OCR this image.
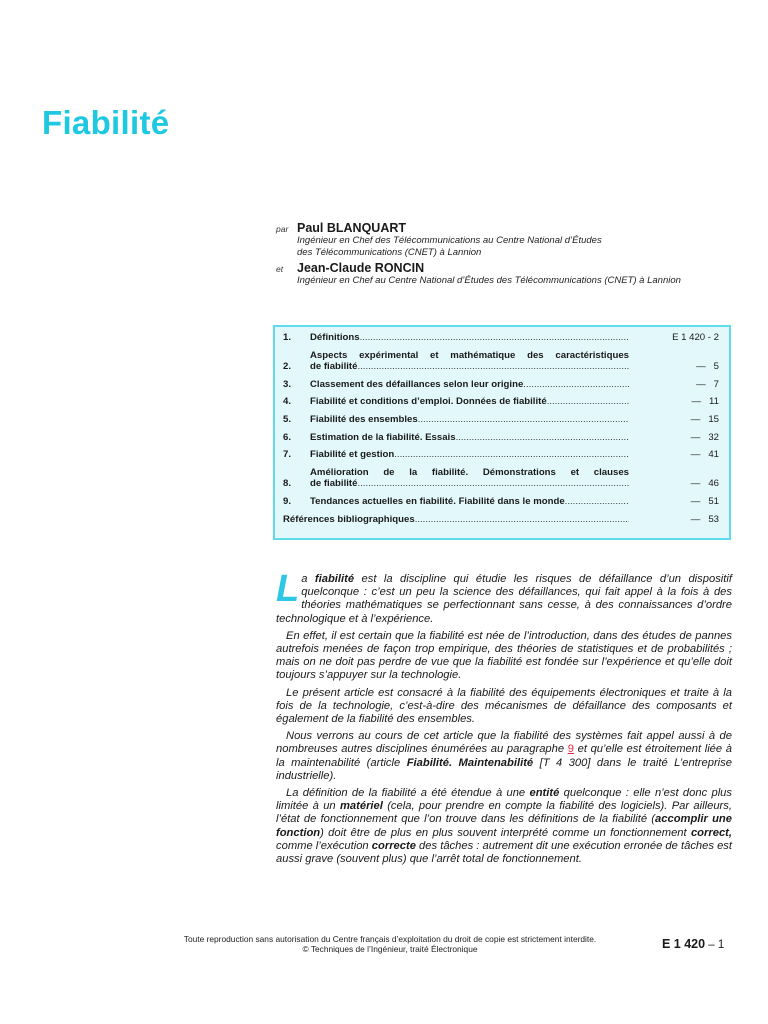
Fiabilité
par Paul BLANQUART
Ingénieur en Chef des Télécommunications au Centre National d’Études
des Télécommunications (CNET) à Lannion
et	Jean-Claude RONCIN
Ingénieur en Chef au Centre National d’Études des Télécommunications (CNET) à Lannion
1.	Définitions .....	E 1 420 - 2
2.
Aspects expérimental et mathématique des caractéristiques
de fiabilité .....	— 5
3.	Classement des défaillances selon leur origine .....	— 7
4.	Fiabilité et conditions d’emploi. Données de fiabilité .....	— 11
5.	Fiabilité des ensembles .....	— 15
6.	Estimation de la fiabilité. Essais .....	— 32
7.	Fiabilité et gestion .....	— 41
8.
Amélioration de la fiabilité. Démonstrations et clauses
de fiabilité .....	— 46
9.	Tendances actuelles en fiabilité. Fiabilité dans le monde .....	— 51
Références bibliographiques .....	— 53

La fiabilité est la discipline qui étudie les risques de défaillance d’un dispositif quelconque : c’est un peu la science des défaillances, qui fait appel à la fois à des théories mathématiques se perfectionnant sans cesse, à des connaissances d’ordre technologique et à l’expérience.

En effet, il est certain que la fiabilité est née de l’introduction, dans des études de pannes autrefois menées de façon trop empirique, des théories de statistiques et de probabilités ; mais on ne doit pas perdre de vue que la fiabilité est fondée sur l’expérience et qu’elle doit toujours s’appuyer sur la technologie.

Le présent article est consacré à la fiabilité des équipements électroniques et traite à la fois de la technologie, c’est-à-dire des mécanismes de défaillance des composants et également de la fiabilité des ensembles.

Nous verrons au cours de cet article que la fiabilité des systèmes fait appel aussi à de nombreuses autres disciplines énumérées au paragraphe 9 et qu’elle est étroitement liée à la maintenabilité (article Fiabilité. Maintenabilité [T 4 300] dans le traité L’entreprise industrielle).

La définition de la fiabilité a été étendue à une entité quelconque : elle n’est donc plus limitée à un matériel (cela, pour prendre en compte la fiabilité des logiciels). Par ailleurs, l’état de fonctionnement que l’on trouve dans les définitions de la fiabilité (accomplir une fonction) doit être de plus en plus souvent interprété comme un fonctionnement correct, comme l’exécution correcte des tâches : autrement dit une exécution erronée de tâches est aussi grave (souvent plus) que l’arrêt total de fonctionnement.

Toute reproduction sans autorisation du Centre français d’exploitation du droit de copie est strictement interdite.
© Techniques de l’Ingénieur, traité Électronique	E 1 420 – 1
